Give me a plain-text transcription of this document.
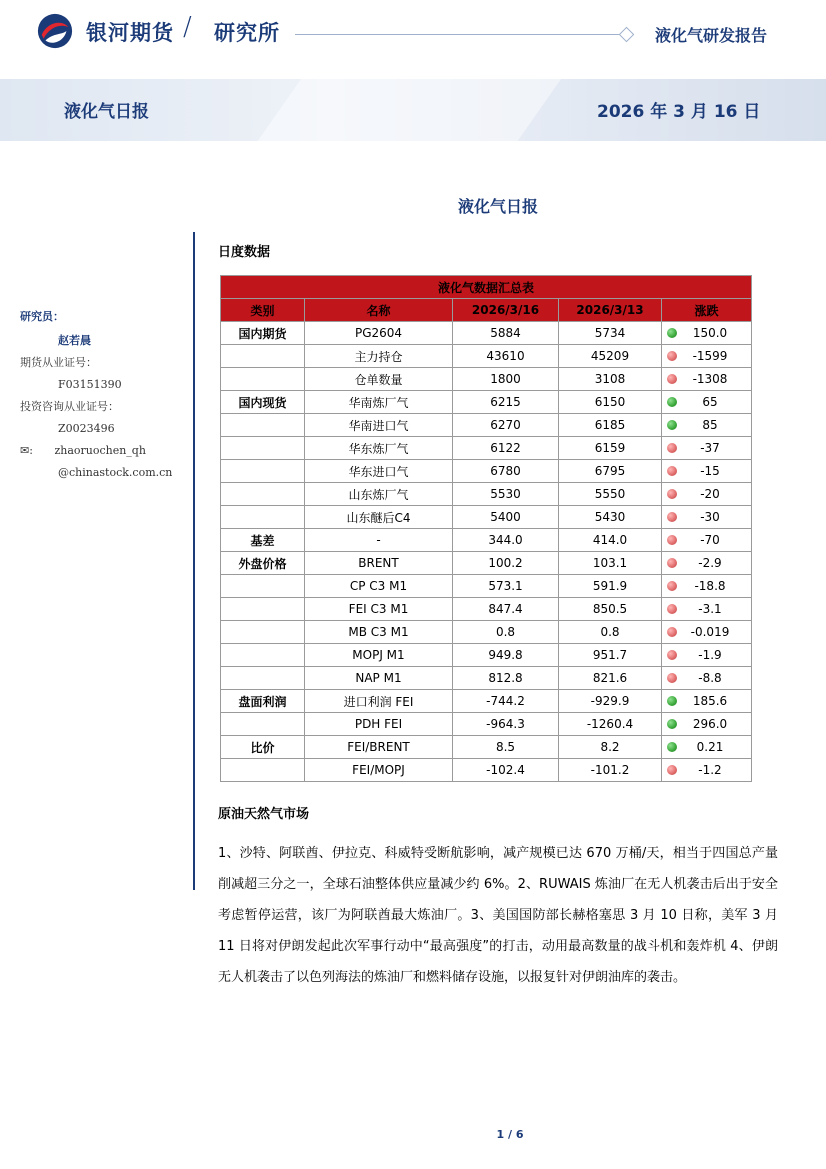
银河期货 / 研究所	液化气研发报告
液化气日报	2026 年 3 月 16 日
液化气日报
研究员：
赵若晨
期货从业证号：
F03151390
投资咨询从业证号：
Z0023496
✉: zhaoruochen_qh
@chinastock.com.cn
日度数据
液化气数据汇总表				
类别	名称	2026/3/16	2026/3/13	涨跌
国内期货	PG2604	5884	5734	150.0
	主力持仓	43610	45209	-1599
	仓单数量	1800	3108	-1308
国内现货	华南炼厂气	6215	6150	65
	华南进口气	6270	6185	85
	华东炼厂气	6122	6159	-37
	华东进口气	6780	6795	-15
	山东炼厂气	5530	5550	-20
	山东醚后C4	5400	5430	-30
基差	-	344.0	414.0	-70
外盘价格	BRENT	100.2	103.1	-2.9
	CP C3 M1	573.1	591.9	-18.8
	FEI C3 M1	847.4	850.5	-3.1
	MB C3 M1	0.8	0.8	-0.019
	MOPJ M1	949.8	951.7	-1.9
	NAP M1	812.8	821.6	-8.8
盘面利润	进口利润 FEI	-744.2	-929.9	185.6
	PDH FEI	-964.3	-1260.4	296.0
比价	FEI/BRENT	8.5	8.2	0.21
	FEI/MOPJ	-102.4	-101.2	-1.2
原油天然气市场
1、沙特、阿联酋、伊拉克、科威特受断航影响，减产规模已达 670 万桶/天，相当于四国总产量削减超三分之一，全球石油整体供应量减少约 6%。2、RUWAIS 炼油厂在无人机袭击后出于安全考虑暂停运营，该厂为阿联酋最大炼油厂。3、美国国防部长赫格塞思 3 月 10 日称，美军 3 月 11 日将对伊朗发起此次军事行动中“最高强度”的打击，动用最高数量的战斗机和轰炸机 4、伊朗无人机袭击了以色列海法的炼油厂和燃料储存设施，以报复针对伊朗油库的袭击。
1 / 6
